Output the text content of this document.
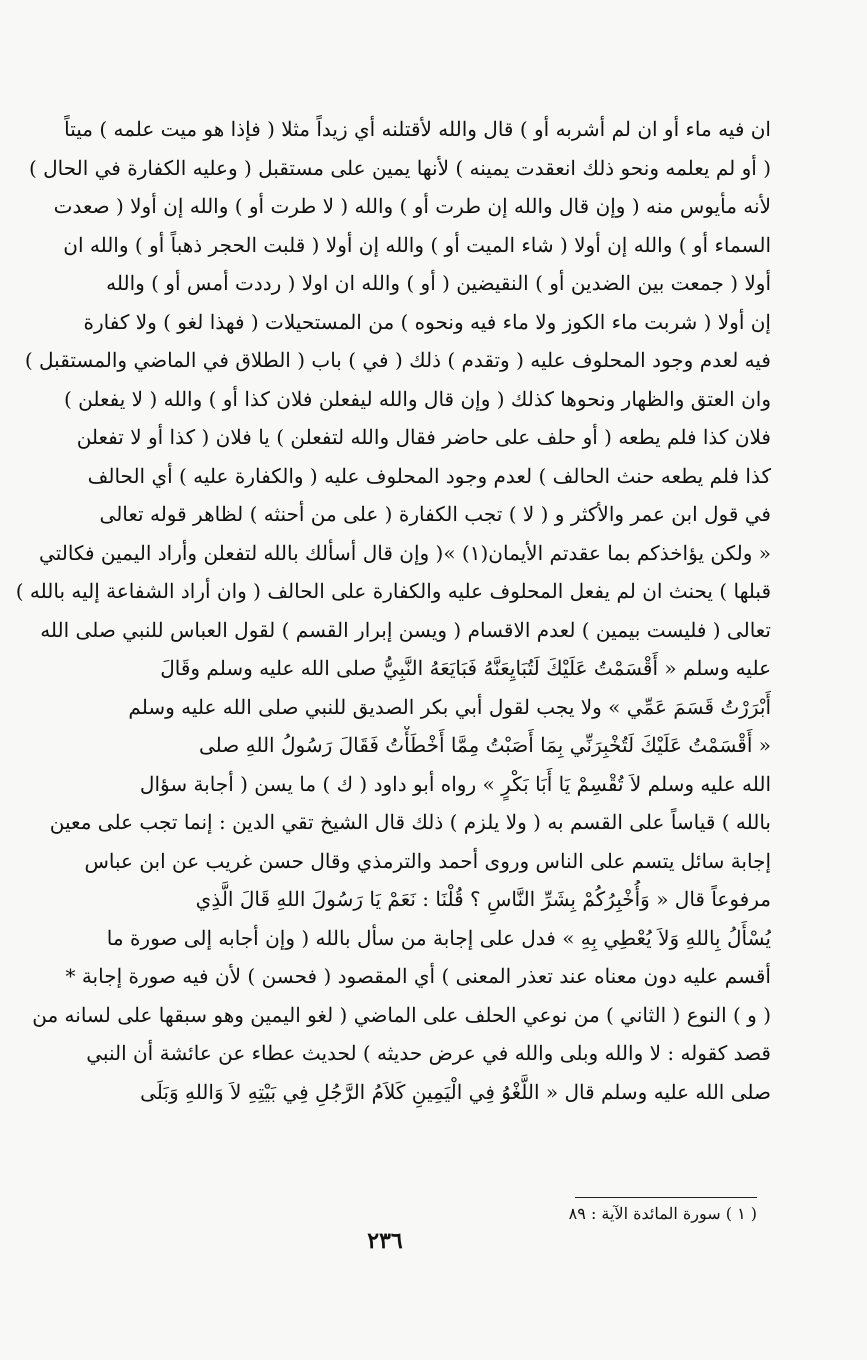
ان فيه ماء أو ان لم أشربه أو ) قال والله لأقتلنه أي زيداً مثلا ( فإذا هو ميت علمه ) ميتاً
( أو لم يعلمه ونحو ذلك انعقدت يمينه ) لأنها يمين على مستقبل ( وعليه الكفارة في الحال )
لأنه مأيوس منه ( وإن قال والله إن طرت أو ) والله ( لا طرت أو ) والله إن أولا ( صعدت
السماء أو ) والله إن أولا ( شاء الميت أو ) والله إن أولا ( قلبت الحجر ذهباً أو ) والله ان
أولا ( جمعت بين الضدين أو ) النقيضين ( أو ) والله ان اولا ( رددت أمس أو ) والله
إن أولا ( شربت ماء الكوز ولا ماء فيه ونحوه ) من المستحيلات ( فهذا لغو ) ولا كفارة
فيه لعدم وجود المحلوف عليه ( وتقدم ) ذلك ( في ) باب ( الطلاق في الماضي والمستقبل )
وان العتق والظهار ونحوها كذلك ( وإن قال والله ليفعلن فلان كذا أو ) والله ( لا يفعلن )
فلان كذا فلم يطعه ( أو حلف على حاضر فقال والله لتفعلن ) يا فلان ( كذا أو لا تفعلن
كذا فلم يطعه حنث الحالف ) لعدم وجود المحلوف عليه ( والكفارة عليه ) أي الحالف
في قول ابن عمر والأكثر و ( لا ) تجب الكفارة ( على من أحنثه ) لظاهر قوله تعالى
« ولكن يؤاخذكم بما عقدتم الأيمان(١) »( وإن قال أسألك بالله لتفعلن وأراد اليمين فكالتي
قبلها ) يحنث ان لم يفعل المحلوف عليه والكفارة على الحالف ( وان أراد الشفاعة إليه بالله )
تعالى ( فليست بيمين ) لعدم الاقسام ( ويسن إبرار القسم ) لقول العباس للنبي صلى الله
عليه وسلم « أَقْسَمْتُ عَلَيْكَ لَتُبَايِعَنَّهُ فَبَايَعَهُ النَّبِيُّ صلى الله عليه وسلم وقَالَ
أَبْرَرْتُ قَسَمَ عَمِّي » ولا يجب لقول أبي بكر الصديق للنبي صلى الله عليه وسلم
« أَقْسَمْتُ عَلَيْكَ لَتُخْبِرَنِّي بِمَا أَصَبْتُ مِمَّا أَخْطَأْتُ فَقَالَ رَسُولُ اللهِ صلى
الله عليه وسلم لاَ تُقْسِمْ يَا أَبَا بَكْرٍ » رواه أبو داود ( ك ) ما يسن ( أجابة سؤال
بالله ) قياساً على القسم به ( ولا يلزم ) ذلك قال الشيخ تقي الدين : إنما تجب على معين
إجابة سائل يتسم على الناس وروى أحمد والترمذي وقال حسن غريب عن ابن عباس
مرفوعاً قال « وَأُخْبِرُكُمْ بِشَرِّ النَّاسِ ؟ قُلْنَا : نَعَمْ يَا رَسُولَ اللهِ قَالَ الَّذِي
يُسْأَلُ بِاللهِ وَلاَ يُعْطِي بِهِ » فدل على إجابة من سأل بالله ( وإن أجابه إلى صورة ما
أقسم عليه دون معناه عند تعذر المعنى ) أي المقصود ( فحسن ) لأن فيه صورة إجابة *
( و ) النوع ( الثاني ) من نوعي الحلف على الماضي ( لغو اليمين وهو سبقها على لسانه من
قصد كقوله : لا والله وبلى والله في عرض حديثه ) لحديث عطاء عن عائشة أن النبي
صلى الله عليه وسلم قال « اللَّغْوُ فِي الْيَمِينِ كَلاَمُ الرَّجُلِ فِي بَيْتِهِ لاَ وَاللهِ وَبَلَى
( ١ ) سورة المائدة الآية : ٨٩
٢٣٦
